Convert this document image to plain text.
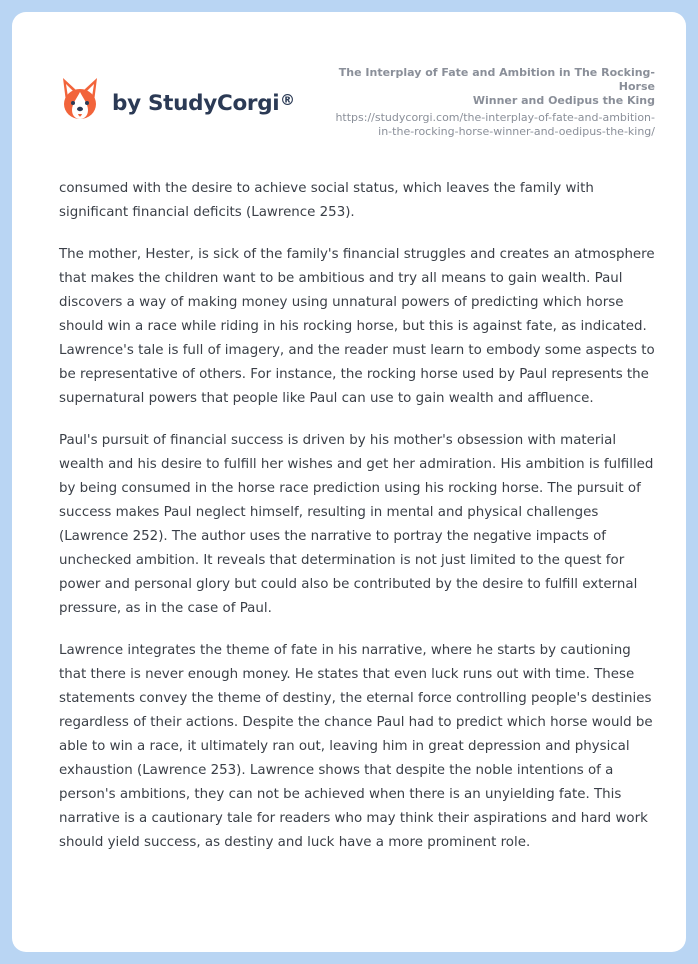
by StudyCorgi ®
The Interplay of Fate and Ambition in The Rocking-Horse
Winner and Oedipus the King
https://studycorgi.com/the-interplay-of-fate-and-ambition-
in-the-rocking-horse-winner-and-oedipus-the-king/

consumed with the desire to achieve social status, which leaves the family with significant financial deficits (Lawrence 253).

The mother, Hester, is sick of the family's financial struggles and creates an atmosphere that makes the children want to be ambitious and try all means to gain wealth. Paul discovers a way of making money using unnatural powers of predicting which horse should win a race while riding in his rocking horse, but this is against fate, as indicated. Lawrence's tale is full of imagery, and the reader must learn to embody some aspects to be representative of others. For instance, the rocking horse used by Paul represents the supernatural powers that people like Paul can use to gain wealth and affluence.

Paul's pursuit of financial success is driven by his mother's obsession with material wealth and his desire to fulfill her wishes and get her admiration. His ambition is fulfilled by being consumed in the horse race prediction using his rocking horse. The pursuit of success makes Paul neglect himself, resulting in mental and physical challenges (Lawrence 252). The author uses the narrative to portray the negative impacts of unchecked ambition. It reveals that determination is not just limited to the quest for power and personal glory but could also be contributed by the desire to fulfill external pressure, as in the case of Paul.

Lawrence integrates the theme of fate in his narrative, where he starts by cautioning that there is never enough money. He states that even luck runs out with time. These statements convey the theme of destiny, the eternal force controlling people's destinies regardless of their actions. Despite the chance Paul had to predict which horse would be able to win a race, it ultimately ran out, leaving him in great depression and physical exhaustion (Lawrence 253). Lawrence shows that despite the noble intentions of a person's ambitions, they can not be achieved when there is an unyielding fate. This narrative is a cautionary tale for readers who may think their aspirations and hard work should yield success, as destiny and luck have a more prominent role.
